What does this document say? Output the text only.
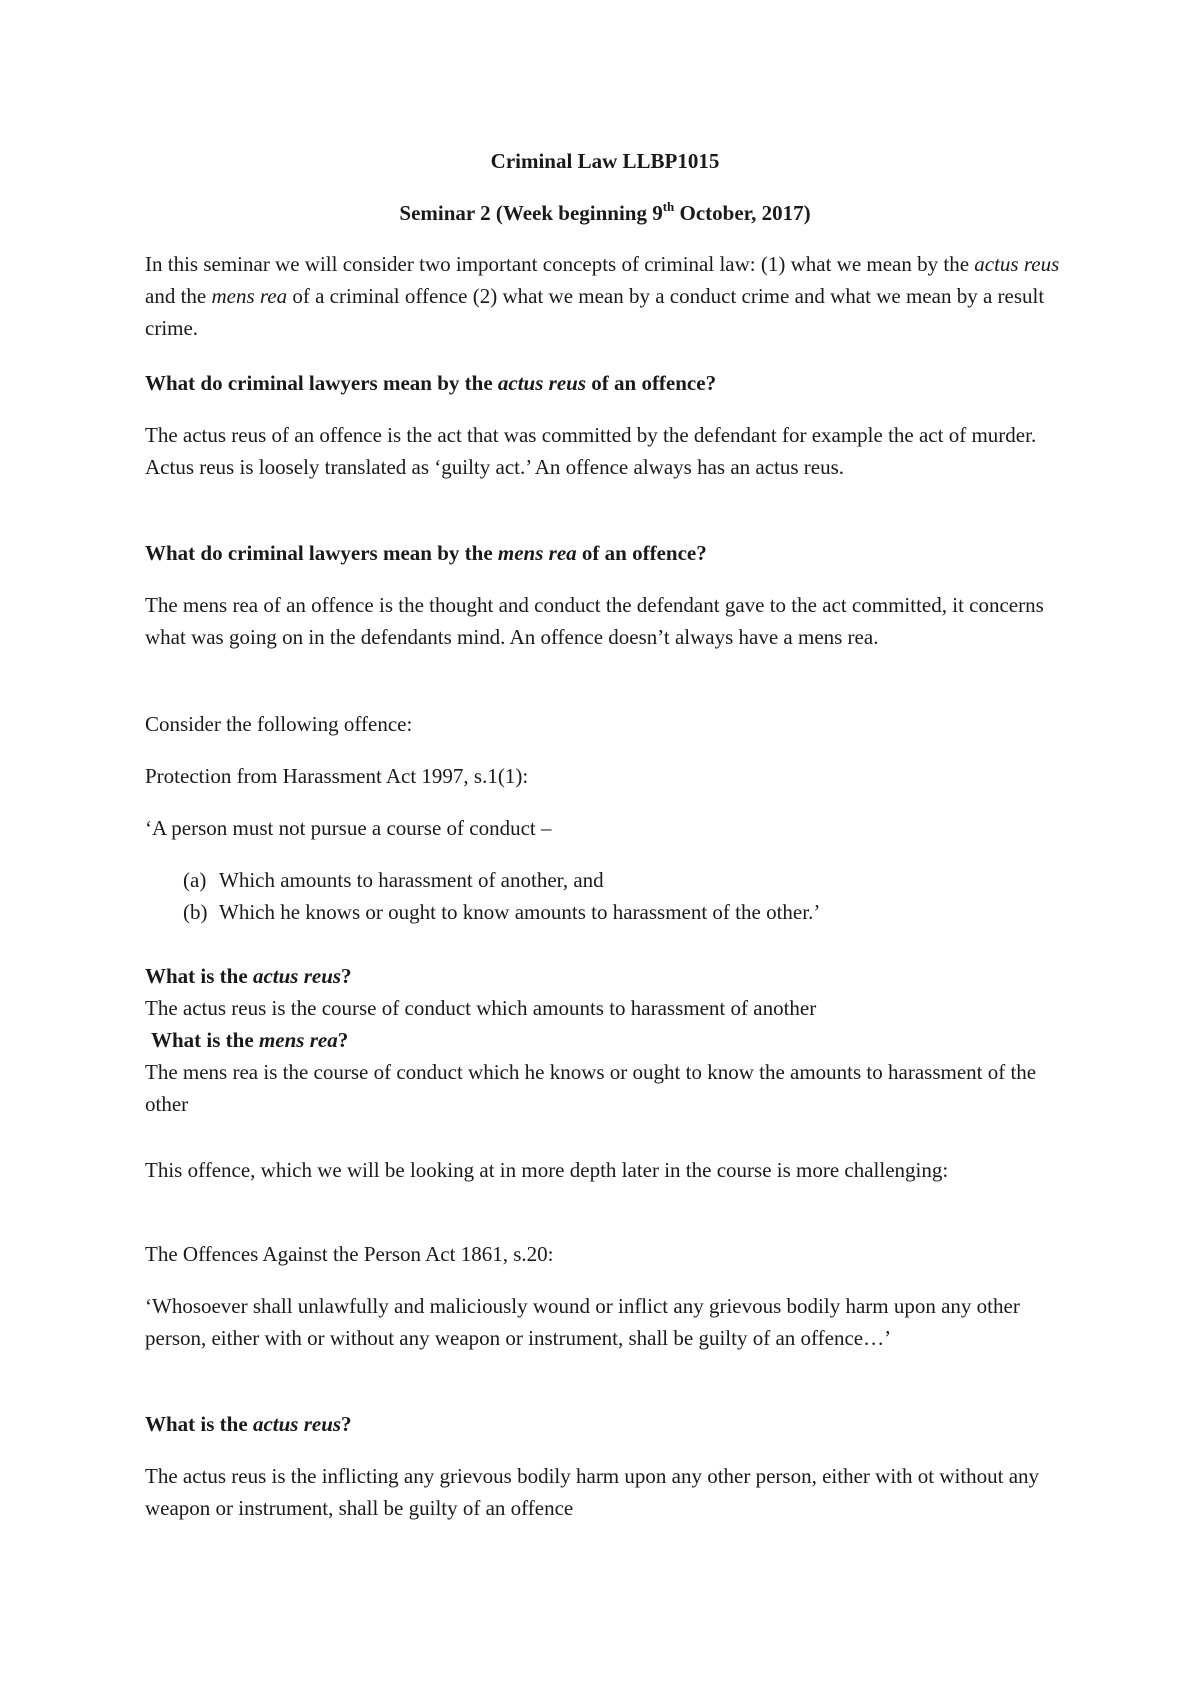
Criminal Law LLBP1015

Seminar 2 (Week beginning 9th October, 2017)

In this seminar we will consider two important concepts of criminal law: (1) what we mean by the actus reus and the mens rea of a criminal offence (2) what we mean by a conduct crime and what we mean by a result crime.

What do criminal lawyers mean by the actus reus of an offence?

The actus reus of an offence is the act that was committed by the defendant for example the act of murder. Actus reus is loosely translated as ‘guilty act.’ An offence always has an actus reus.

What do criminal lawyers mean by the mens rea of an offence?

The mens rea of an offence is the thought and conduct the defendant gave to the act committed, it concerns what was going on in the defendants mind. An offence doesn’t always have a mens rea.

Consider the following offence:

Protection from Harassment Act 1997, s.1(1):

‘A person must not pursue a course of conduct –

(a) Which amounts to harassment of another, and

(b) Which he knows or ought to know amounts to harassment of the other.’

What is the actus reus?

The actus reus is the course of conduct which amounts to harassment of another

What is the mens rea?

The mens rea is the course of conduct which he knows or ought to know the amounts to harassment of the other

This offence, which we will be looking at in more depth later in the course is more challenging:

The Offences Against the Person Act 1861, s.20:

‘Whosoever shall unlawfully and maliciously wound or inflict any grievous bodily harm upon any other person, either with or without any weapon or instrument, shall be guilty of an offence…’

What is the actus reus?

The actus reus is the inflicting any grievous bodily harm upon any other person, either with ot without any weapon or instrument, shall be guilty of an offence
